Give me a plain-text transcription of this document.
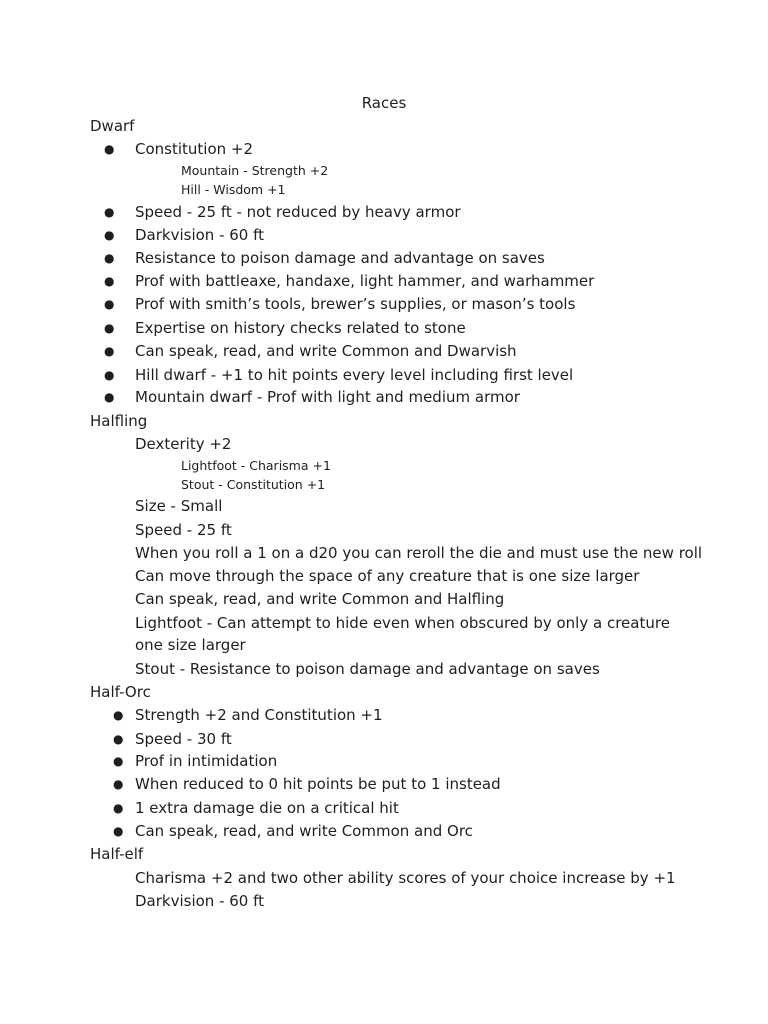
Races
Dwarf
● Constitution +2
Mountain - Strength +2
Hill - Wisdom +1
● Speed - 25 ft - not reduced by heavy armor
● Darkvision - 60 ft
● Resistance to poison damage and advantage on saves
● Prof with battleaxe, handaxe, light hammer, and warhammer
● Prof with smith’s tools, brewer’s supplies, or mason’s tools
● Expertise on history checks related to stone
● Can speak, read, and write Common and Dwarvish
● Hill dwarf - +1 to hit points every level including first level
● Mountain dwarf - Prof with light and medium armor
Halfling
Dexterity +2
Lightfoot - Charisma +1
Stout - Constitution +1
Size - Small
Speed - 25 ft
When you roll a 1 on a d20 you can reroll the die and must use the new roll
Can move through the space of any creature that is one size larger
Can speak, read, and write Common and Halfling
Lightfoot - Can attempt to hide even when obscured by only a creature one size larger
Stout - Resistance to poison damage and advantage on saves
Half-Orc
● Strength +2 and Constitution +1
● Speed - 30 ft
● Prof in intimidation
● When reduced to 0 hit points be put to 1 instead
● 1 extra damage die on a critical hit
● Can speak, read, and write Common and Orc
Half-elf
Charisma +2 and two other ability scores of your choice increase by +1
Darkvision - 60 ft
